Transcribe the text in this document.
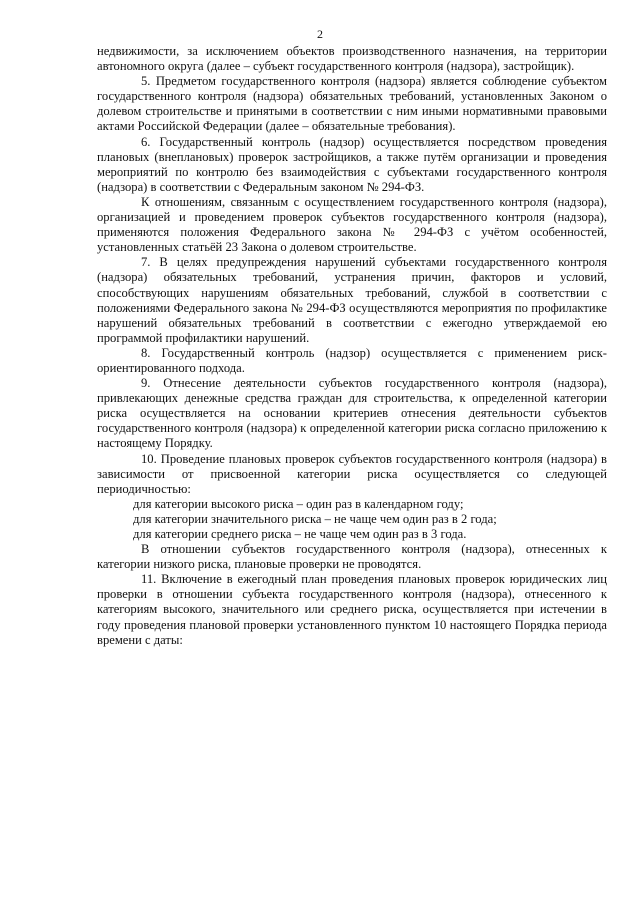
2

недвижимости, за исключением объектов производственного назначения, на территории автономного округа (далее – субъект государственного контроля (надзора), застройщик).

5. Предметом государственного контроля (надзора) является соблюдение субъектом государственного контроля (надзора) обязательных требований, установленных Законом о долевом строительстве и принятыми в соответствии с ним иными нормативными правовыми актами Российской Федерации (далее – обязательные требования).

6. Государственный контроль (надзор) осуществляется посредством проведения плановых (внеплановых) проверок застройщиков, а также путём организации и проведения мероприятий по контролю без взаимодействия с субъектами государственного контроля (надзора) в соответствии с Федеральным законом № 294-ФЗ.

К отношениям, связанным с осуществлением государственного контроля (надзора), организацией и проведением проверок субъектов государственного контроля (надзора), применяются положения Федерального закона № 294-ФЗ с учётом особенностей, установленных статьёй 23 Закона о долевом строительстве.

7. В целях предупреждения нарушений субъектами государственного контроля (надзора) обязательных требований, устранения причин, факторов и условий, способствующих нарушениям обязательных требований, службой в соответствии с положениями Федерального закона № 294-ФЗ осуществляются мероприятия по профилактике нарушений обязательных требований в соответствии с ежегодно утверждаемой ею программой профилактики нарушений.

8. Государственный контроль (надзор) осуществляется с применением риск-ориентированного подхода.

9. Отнесение деятельности субъектов государственного контроля (надзора), привлекающих денежные средства граждан для строительства, к определенной категории риска осуществляется на основании критериев отнесения деятельности субъектов государственного контроля (надзора) к определенной категории риска согласно приложению к настоящему Порядку.

10. Проведение плановых проверок субъектов государственного контроля (надзора) в зависимости от присвоенной категории риска осуществляется со следующей периодичностью:

для категории высокого риска – один раз в календарном году;

для категории значительного риска – не чаще чем один раз в 2 года;

для категории среднего риска – не чаще чем один раз в 3 года.

В отношении субъектов государственного контроля (надзора), отнесенных к категории низкого риска, плановые проверки не проводятся.

11. Включение в ежегодный план проведения плановых проверок юридических лиц проверки в отношении субъекта государственного контроля (надзора), отнесенного к категориям высокого, значительного или среднего риска, осуществляется при истечении в году проведения плановой проверки установленного пунктом 10 настоящего Порядка периода времени с даты:
